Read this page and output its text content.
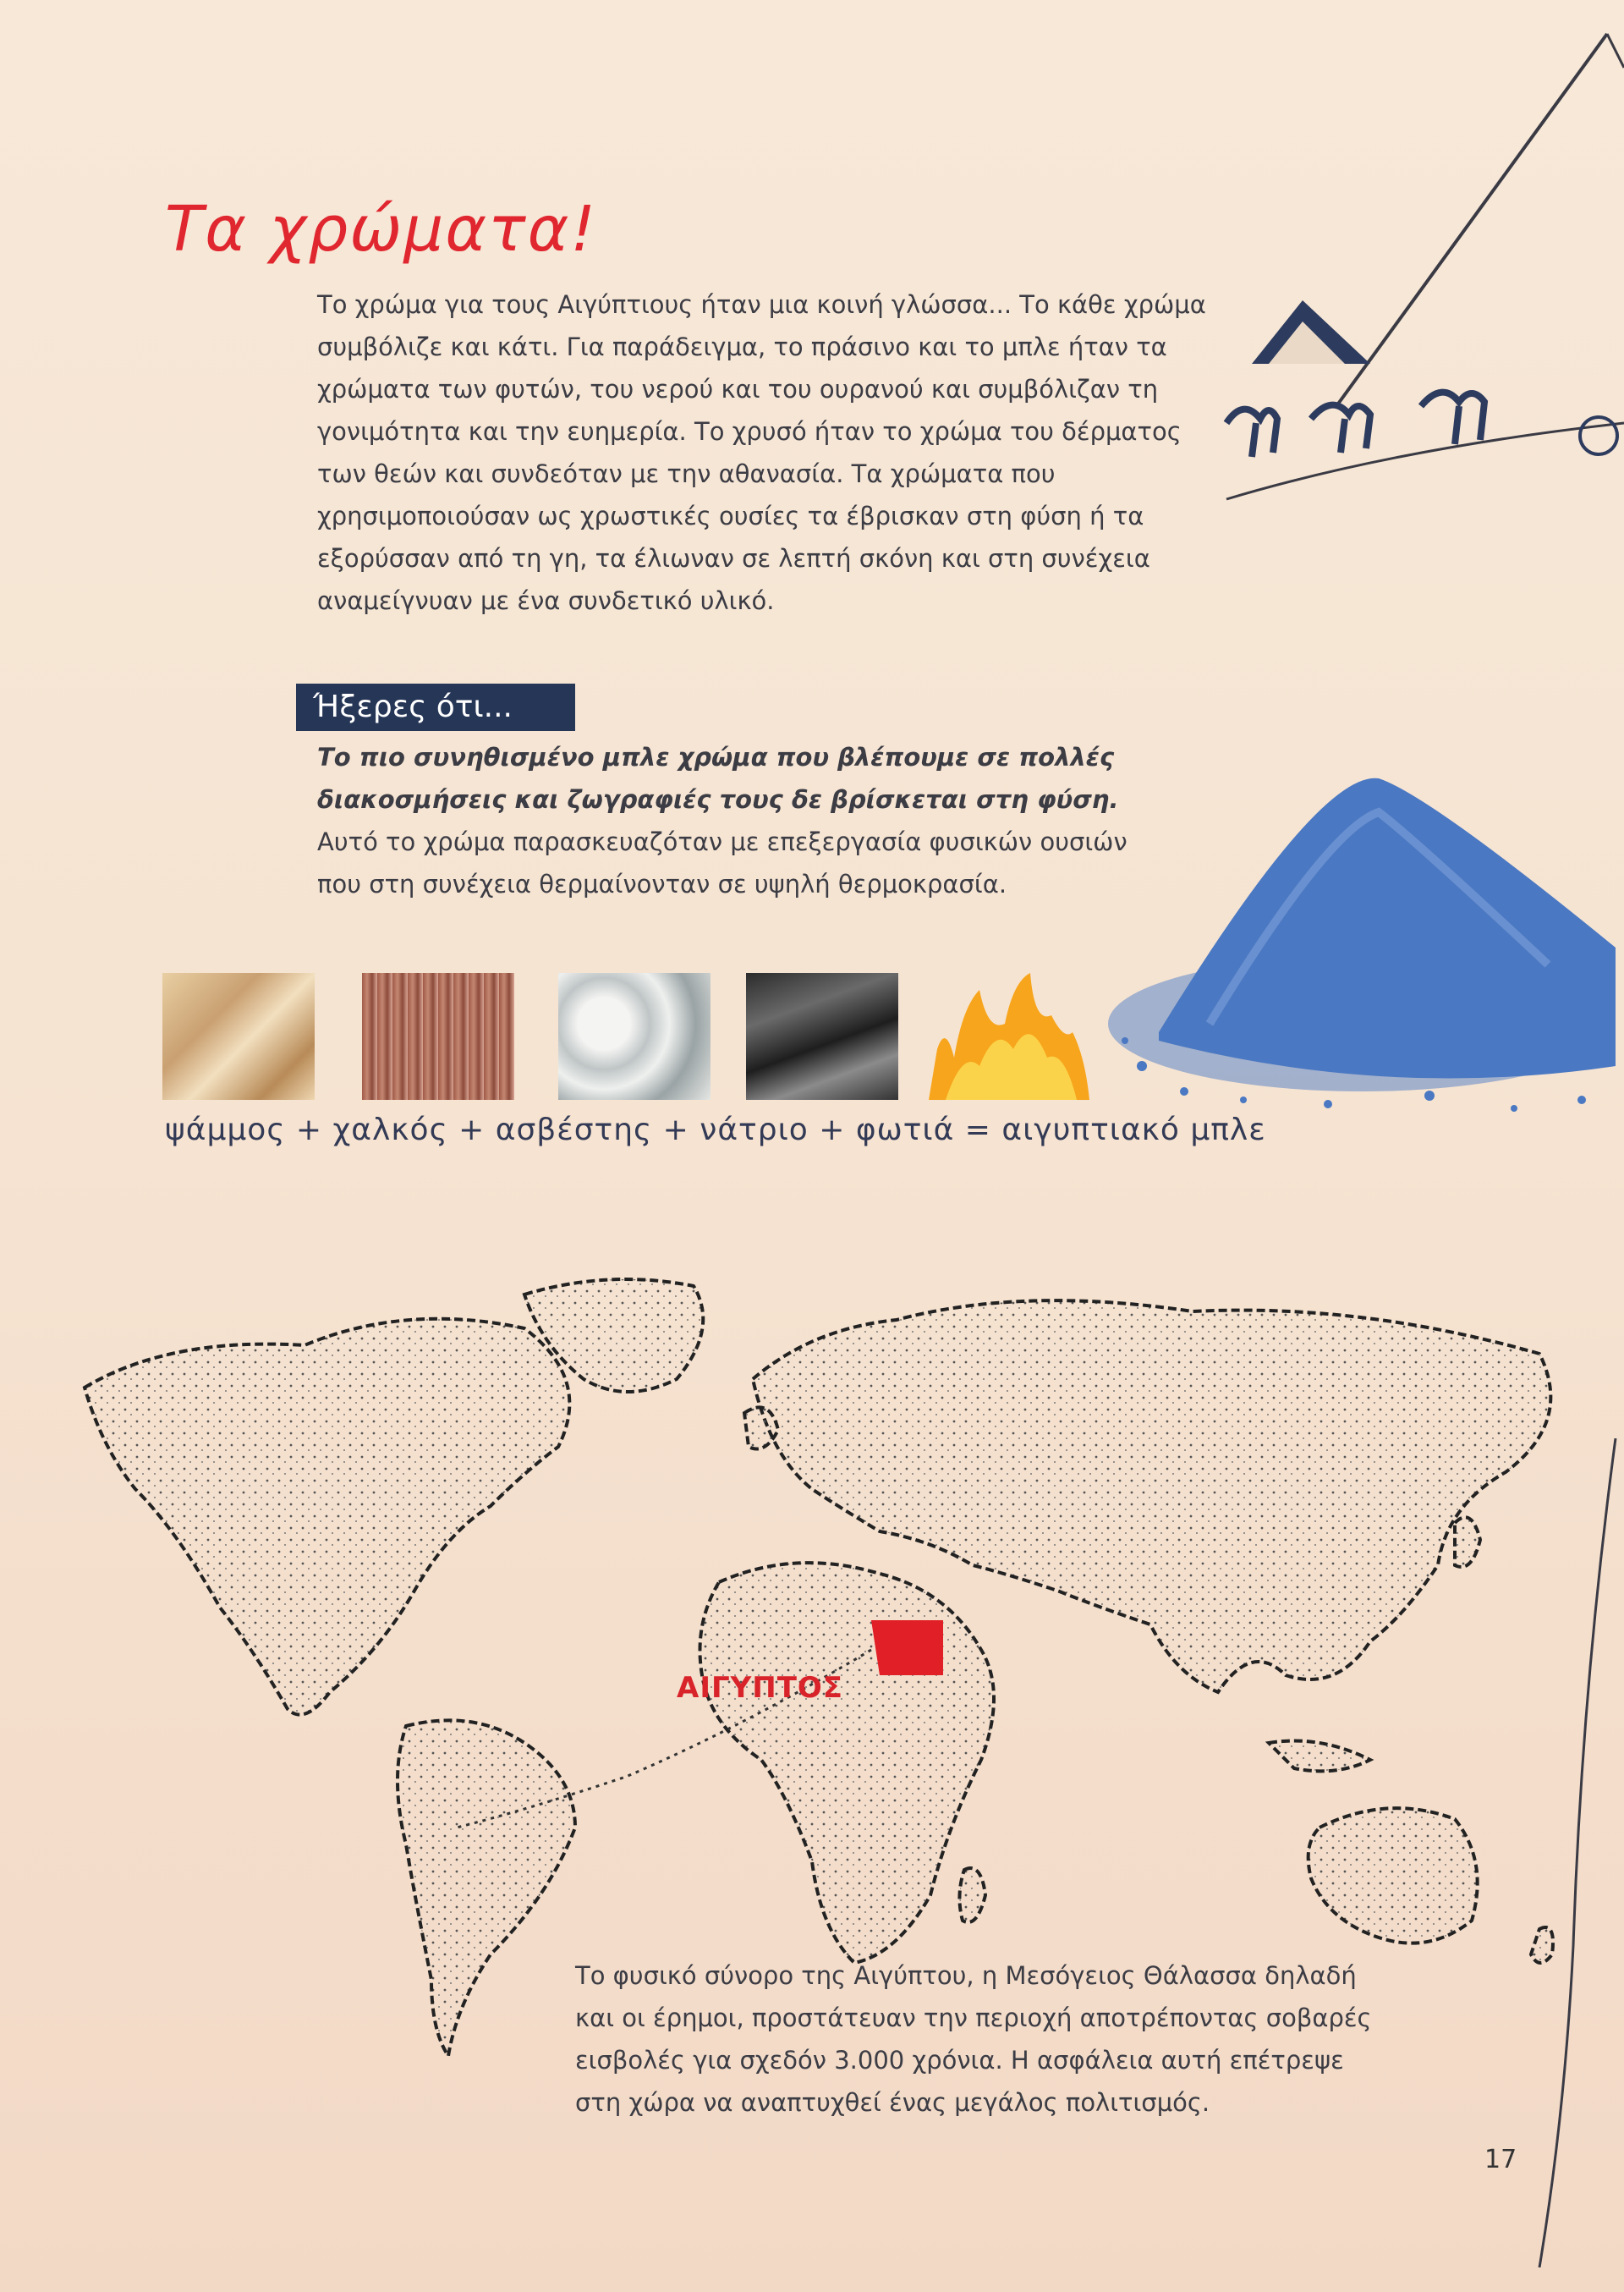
Τα χρώματα!
Το χρώμα για τους Αιγύπτιους ήταν μια κοινή γλώσσα... Το κάθε χρώμα συμβόλιζε και κάτι. Για παράδειγμα, το πράσινο και το μπλε ήταν τα χρώματα των φυτών, του νερού και του ουρανού και συμβόλιζαν τη γονιμότητα και την ευημερία. Το χρυσό ήταν το χρώμα του δέρματος των θεών και συνδεόταν με την αθανασία. Τα χρώματα που χρησιμοποιούσαν ως χρωστικές ουσίες τα έβρισκαν στη φύση ή τα εξορύσσαν από τη γη, τα έλιωναν σε λεπτή σκόνη και στη συνέχεια αναμείγνυαν με ένα συνδετικό υλικό.
Ήξερες ότι...
Το πιο συνηθισμένο μπλε χρώμα που βλέπουμε σε πολλές διακοσμήσεις και ζωγραφιές τους δε βρίσκεται στη φύση. Αυτό το χρώμα παρασκευαζόταν με επεξεργασία φυσικών ουσιών που στη συνέχεια θερμαίνονταν σε υψηλή θερμοκρασία.
ψάμμος + χαλκός + ασβέστης + νάτριο + φωτιά = αιγυπτιακό μπλε
ΑΙΓΥΠΤΟΣ
Το φυσικό σύνορο της Αιγύπτου, η Μεσόγειος Θάλασσα δηλαδή και οι έρημοι, προστάτευαν την περιοχή αποτρέποντας σοβαρές εισβολές για σχεδόν 3.000 χρόνια. Η ασφάλεια αυτή επέτρεψε στη χώρα να αναπτυχθεί ένας μεγάλος πολιτισμός.
17
